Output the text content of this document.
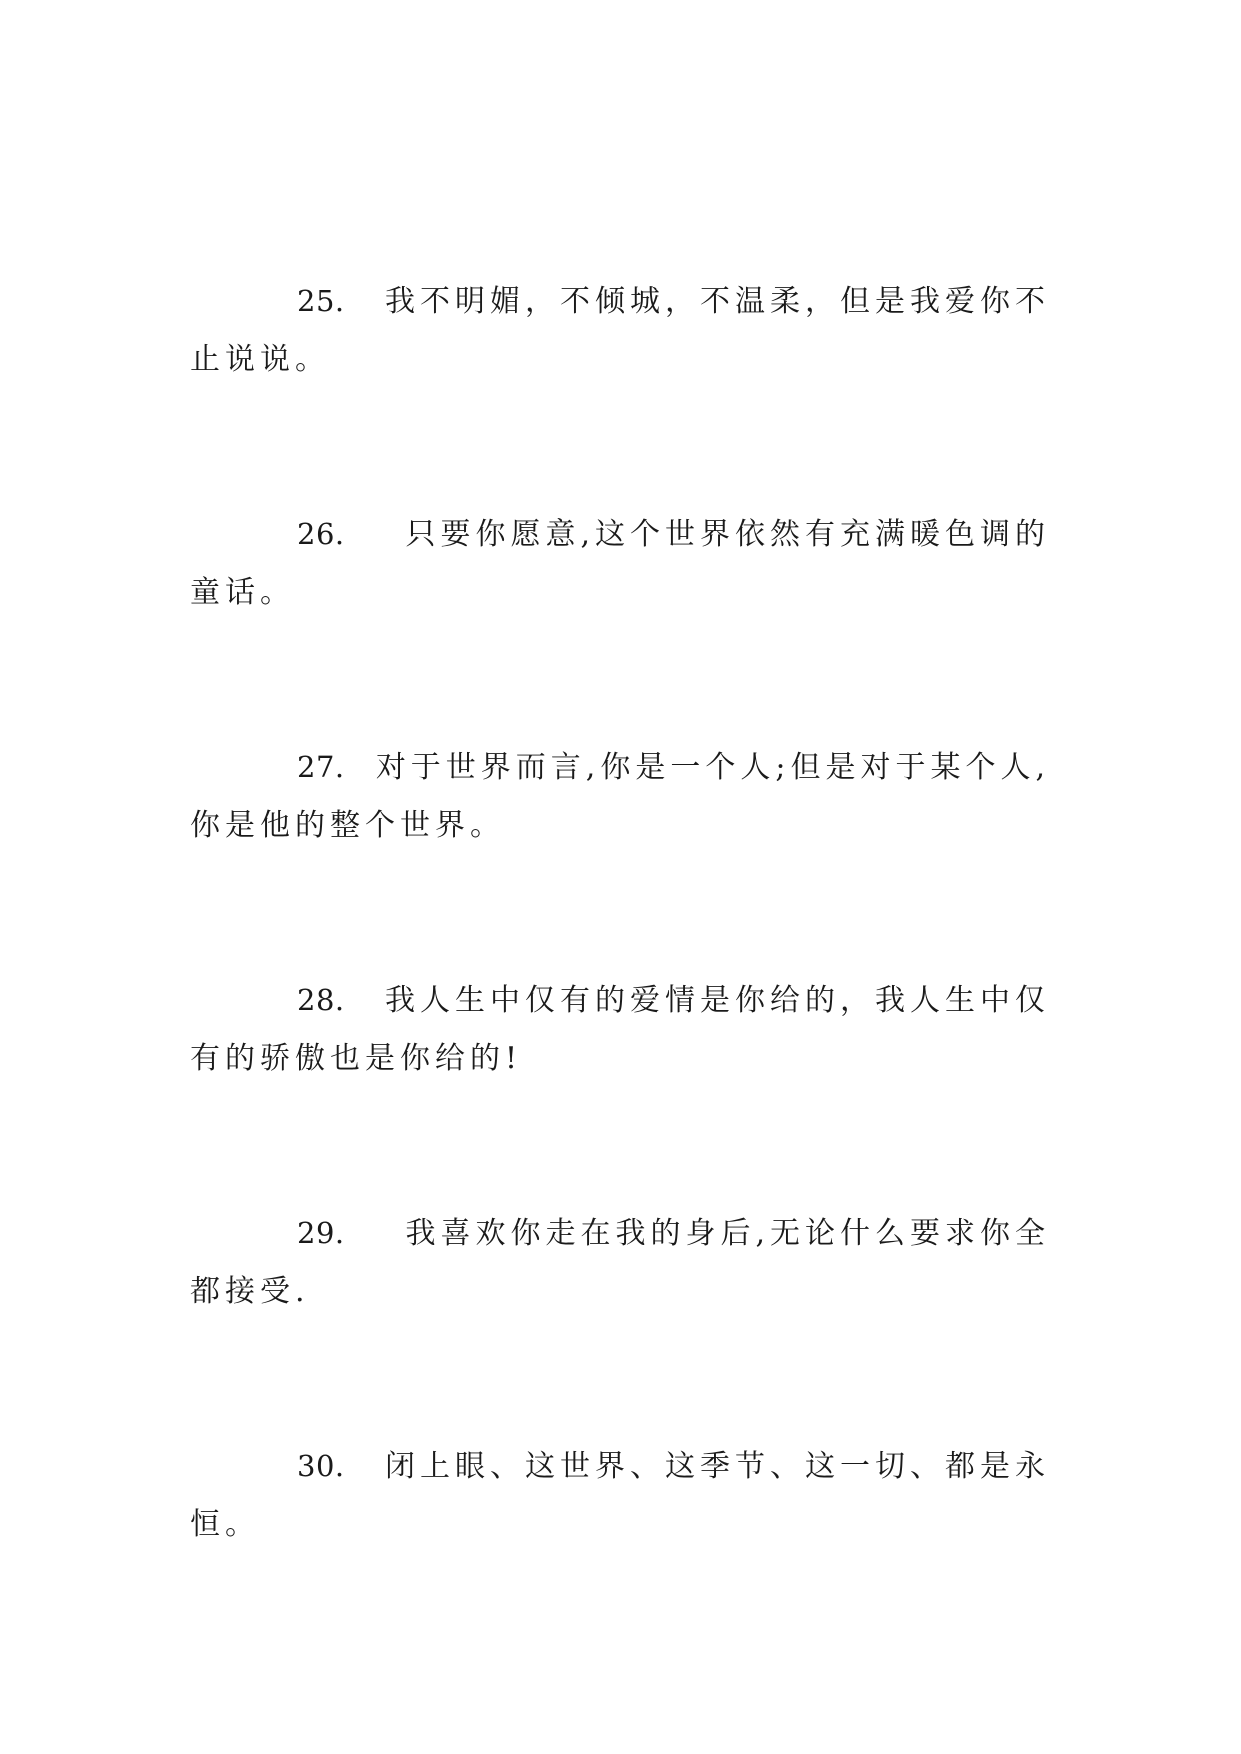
25.	我不明媚，不倾城，不温柔，但是我爱你不
止说说。
26.	只要你愿意,这个世界依然有充满暖色调的
童话。
27.	对于世界而言,你是一个人;但是对于某个人,
你是他的整个世界。
28.	我人生中仅有的爱情是你给的，我人生中仅
有的骄傲也是你给的!
29.	我喜欢你走在我的身后,无论什么要求你全
都接受.
30.	闭上眼、这世界、这季节、这一切、都是永
恒。
